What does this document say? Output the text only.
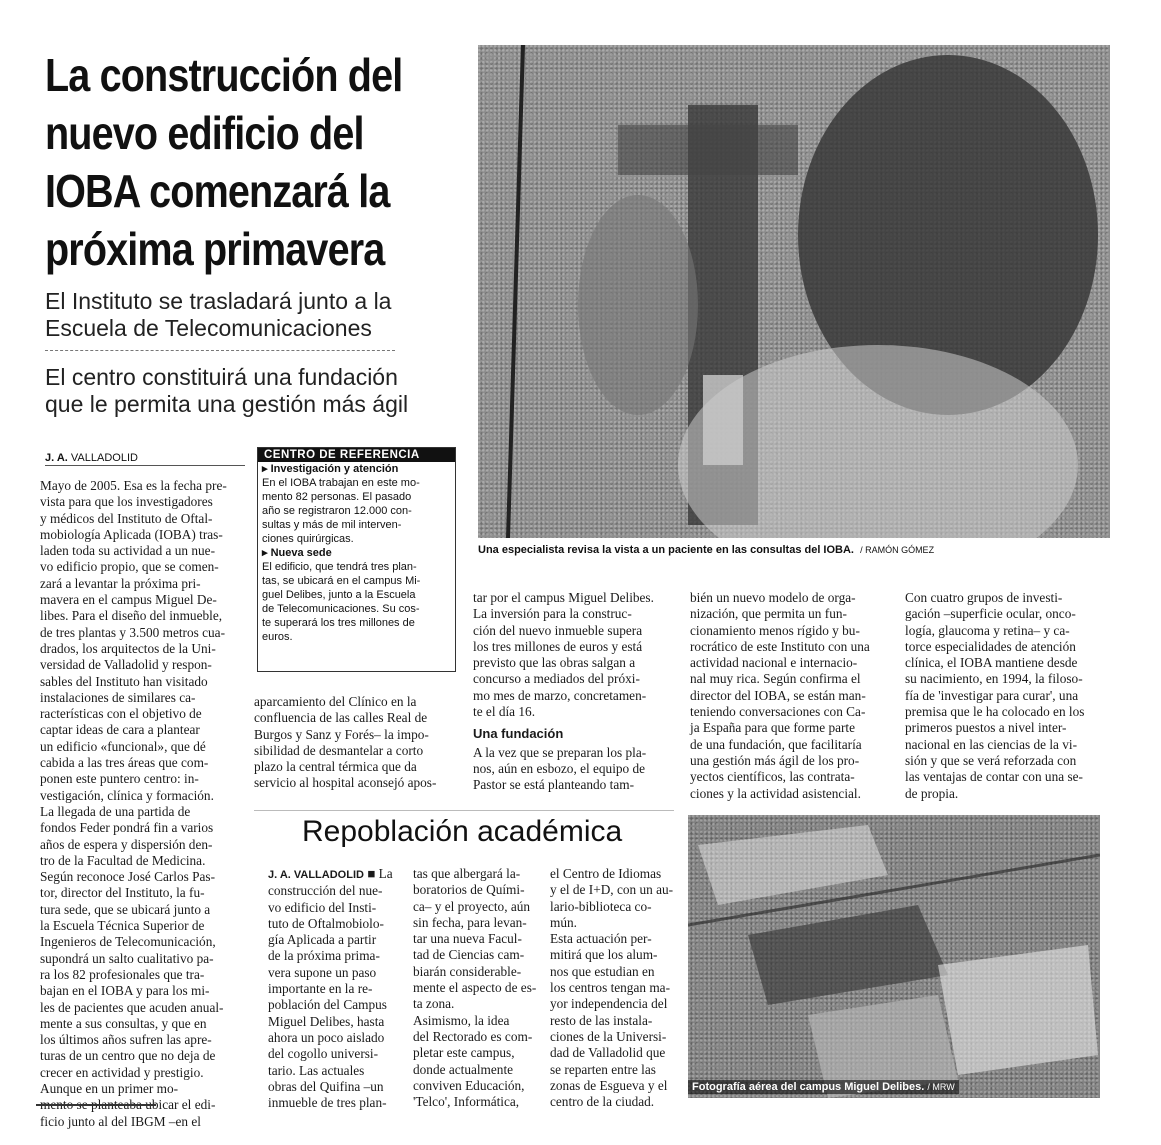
La construcción del
nuevo edificio del
IOBA comenzará la
próxima primavera
El Instituto se trasladará junto a la
Escuela de Telecomunicaciones
El centro constituirá una fundación
que le permita una gestión más ágil
Una especialista revisa la vista a un paciente en las consultas del IOBA. / RAMÓN GÓMEZ
J. A. VALLADOLID
Mayo de 2005. Esa es la fecha pre-
vista para que los investigadores
y médicos del Instituto de Oftal-
mobiología Aplicada (IOBA) tras-
laden toda su actividad a un nue-
vo edificio propio, que se comen-
zará a levantar la próxima pri-
mavera en el campus Miguel De-
libes. Para el diseño del inmueble,
de tres plantas y 3.500 metros cua-
drados, los arquitectos de la Uni-
versidad de Valladolid y respon-
sables del Instituto han visitado
instalaciones de similares ca-
racterísticas con el objetivo de
captar ideas de cara a plantear
un edificio «funcional», que dé
cabida a las tres áreas que com-
ponen este puntero centro: in-
vestigación, clínica y formación.
La llegada de una partida de
fondos Feder pondrá fin a varios
años de espera y dispersión den-
tro de la Facultad de Medicina.
Según reconoce José Carlos Pas-
tor, director del Instituto, la fu-
tura sede, que se ubicará junto a
la Escuela Técnica Superior de
Ingenieros de Telecomunicación,
supondrá un salto cualitativo pa-
ra los 82 profesionales que tra-
bajan en el IOBA y para los mi-
les de pacientes que acuden anual-
mente a sus consultas, y que en
los últimos años sufren las apre-
turas de un centro que no deja de
crecer en actividad y prestigio.
Aunque en un primer mo-
mento se planteaba ubicar el edi-
ficio junto al del IBGM –en el
CENTRO DE REFERENCIA
▸ Investigación y atención
En el IOBA trabajan en este mo-
mento 82 personas. El pasado
año se registraron 12.000 con-
sultas y más de mil interven-
ciones quirúrgicas.
▸ Nueva sede
El edificio, que tendrá tres plan-
tas, se ubicará en el campus Mi-
guel Delibes, junto a la Escuela
de Telecomunicaciones. Su cos-
te superará los tres millones de
euros.
aparcamiento del Clínico en la
confluencia de las calles Real de
Burgos y Sanz y Forés– la impo-
sibilidad de desmantelar a corto
plazo la central térmica que da
servicio al hospital aconsejó apos-
tar por el campus Miguel Delibes.
La inversión para la construc-
ción del nuevo inmueble supera
los tres millones de euros y está
previsto que las obras salgan a
concurso a mediados del próxi-
mo mes de marzo, concretamen-
te el día 16.
Una fundación
A la vez que se preparan los pla-
nos, aún en esbozo, el equipo de
Pastor se está planteando tam-
bién un nuevo modelo de orga-
nización, que permita un fun-
cionamiento menos rígido y bu-
rocrático de este Instituto con una
actividad nacional e internacio-
nal muy rica. Según confirma el
director del IOBA, se están man-
teniendo conversaciones con Ca-
ja España para que forme parte
de una fundación, que facilitaría
una gestión más ágil de los pro-
yectos científicos, las contrata-
ciones y la actividad asistencial.
Con cuatro grupos de investi-
gación –superficie ocular, onco-
logía, glaucoma y retina– y ca-
torce especialidades de atención
clínica, el IOBA mantiene desde
su nacimiento, en 1994, la filoso-
fía de 'investigar para curar', una
premisa que le ha colocado en los
primeros puestos a nivel inter-
nacional en las ciencias de la vi-
sión y que se verá reforzada con
las ventajas de contar con una se-
de propia.
Repoblación académica
J. A. VALLADOLID ■ La
construcción del nue-
vo edificio del Insti-
tuto de Oftalmobiolo-
gía Aplicada a partir
de la próxima prima-
vera supone un paso
importante en la re-
población del Campus
Miguel Delibes, hasta
ahora un poco aislado
del cogollo universi-
tario. Las actuales
obras del Quifina –un
inmueble de tres plan-
tas que albergará la-
boratorios de Quími-
ca– y el proyecto, aún
sin fecha, para levan-
tar una nueva Facul-
tad de Ciencias cam-
biarán considerable-
mente el aspecto de es-
ta zona.
Asimismo, la idea
del Rectorado es com-
pletar este campus,
donde actualmente
conviven Educación,
'Telco', Informática,
el Centro de Idiomas
y el de I+D, con un au-
lario-biblioteca co-
mún.
Esta actuación per-
mitirá que los alum-
nos que estudian en
los centros tengan ma-
yor independencia del
resto de las instala-
ciones de la Universi-
dad de Valladolid que
se reparten entre las
zonas de Esgueva y el
centro de la ciudad.
Fotografía aérea del campus Miguel Delibes. / MRW
